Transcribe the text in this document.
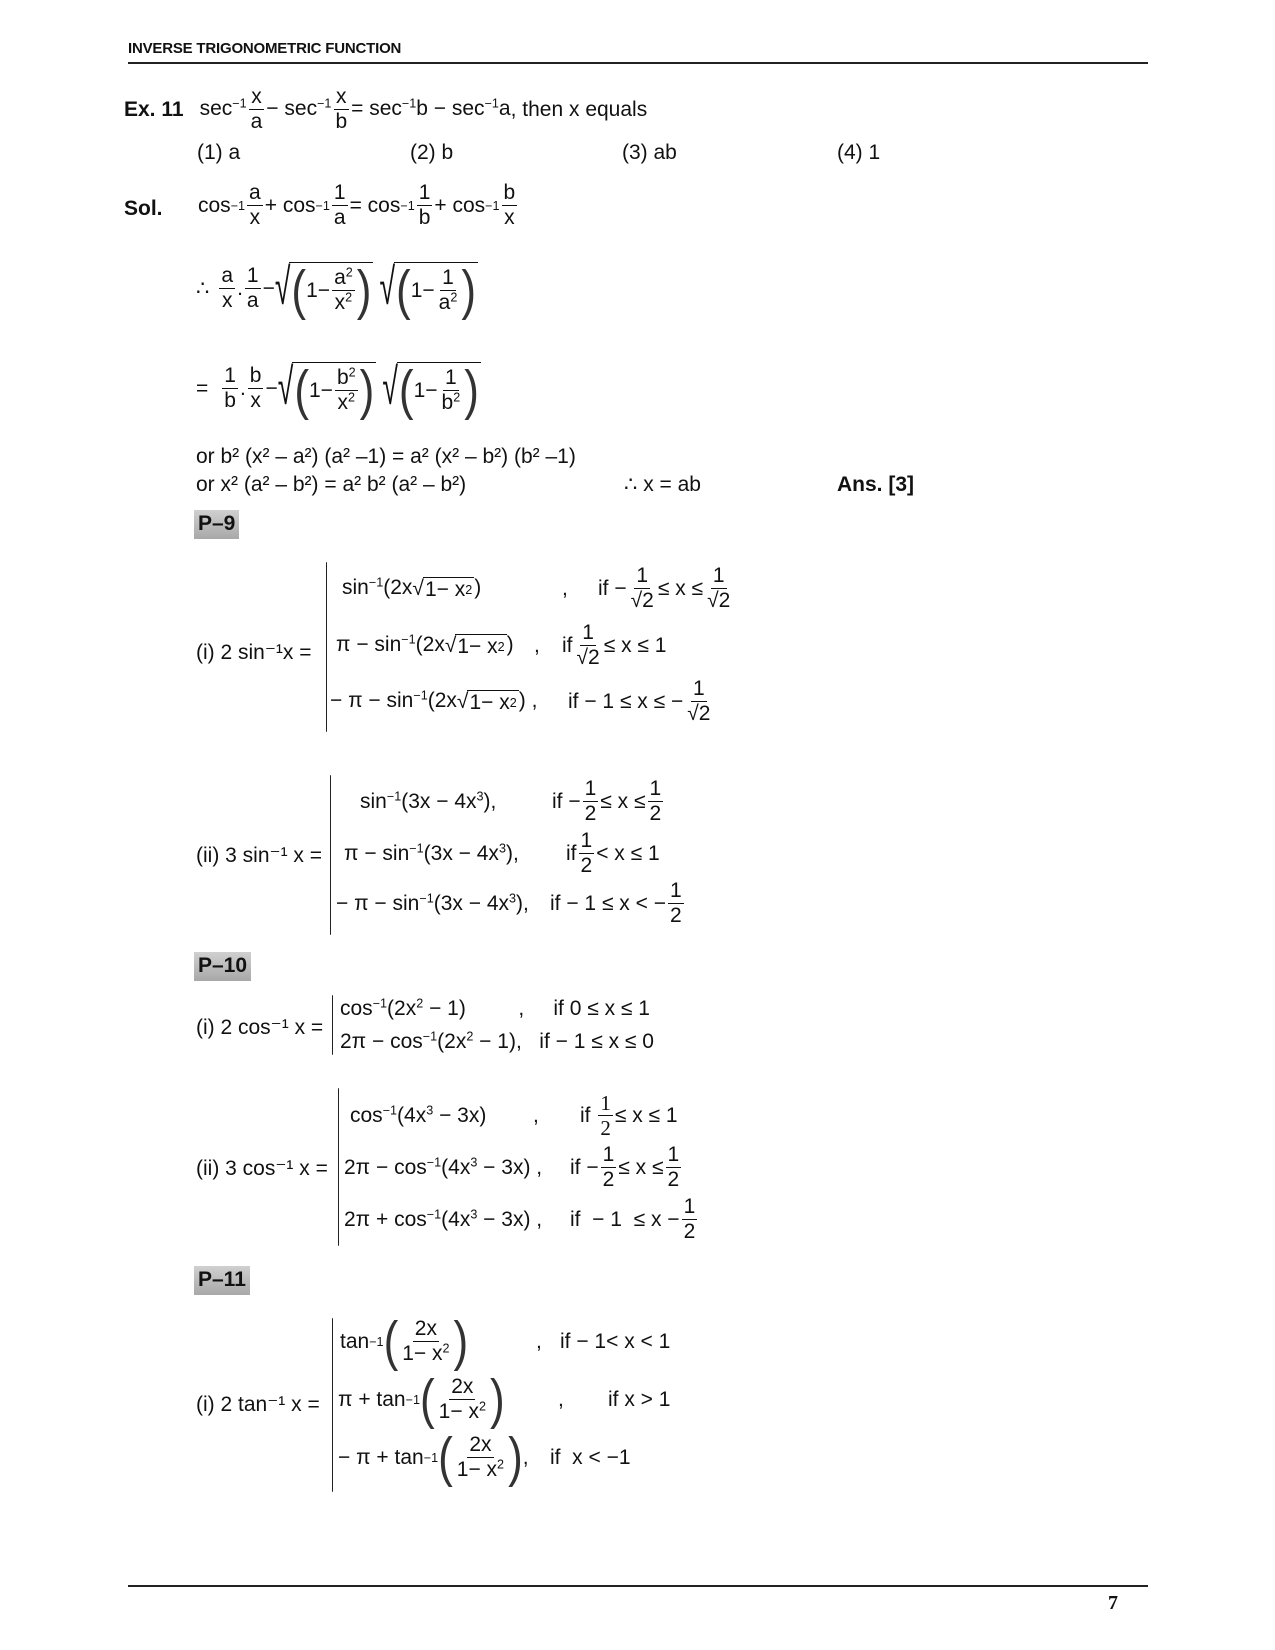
INVERSE TRIGONOMETRIC FUNCTION
Ex. 11 $\sec^{-1} \frac{x}{a} - \sec^{-1} \frac{x}{b} = \sec^{-1}b - \sec^{-1}a$ , then x equals
(1) a	(2) b	(3) ab	(4) 1
Sol. $\cos -1 \frac{a}{x} + \cos -1 \frac{1}{a} = \cos -1 \frac{1}{b} + \cos -1 \frac{b}{x}$
∴ $\frac{a}{x}$ . $\frac{1}{a}$ − √ ( $1- \frac{a^2}{x^2}$ ) √ ( $1- \frac{1}{a^2}$ )
= $\frac{1}{b}$ . $\frac{b}{x}$ − √ ( $1- \frac{b^2}{x^2}$ ) √ ( $1- \frac{1}{b^2}$ )
or b² (x² – a²) (a² –1) = a² (x² – b²) (b² –1)
or x² (a² – b²) = a² b² (a² – b²)	∴ x = ab	Ans. [3]
P–9
(i) 2 sin⁻¹x =
$\sin^{-1}(2x$ √ 1− x 2 )	,	if − $\frac{1}{√2} \le x \le \frac{1}{√2}$
$\pi - \sin^{-1}(2x$ √ 1− x 2 ) ,	if $\frac{1}{√2} \le x \le 1$
− $\pi - \sin^{-1}(2x$ √ 1− x 2 ) ,	if − 1 ≤ x ≤ − $\frac{1}{√2}$
(ii) 3 sin⁻¹ x =
$\sin^{-1}(3x - 4x^3)$,	if − $\frac{1}{2} \le x \le \frac{1}{2}$
$\pi - \sin^{-1}(3x - 4x^3)$,	if $\frac{1}{2} < x \le 1$
− $\pi - \sin^{-1}(3x - 4x^3)$,	if − 1 ≤ x < − $\frac{1}{2}$
P–10
(i) 2 cos⁻¹ x =
$\cos^{-1}(2x^2 - 1)$         ,     if 0 ≤ x ≤ 1
$2\pi - \cos^{-1}(2x^2 - 1)$,   if − 1 ≤ x ≤ 0
(ii) 3 cos⁻¹ x =
$\cos^{-1}(4x^3 - 3x)$        ,	if $\frac{1}{2} \le x \le 1$
$2\pi - \cos^{-1}(4x^3 - 3x)$ ,	if − $\frac{1}{2} \le x \le \frac{1}{2}$
$2\pi + \cos^{-1}(4x^3 - 3x)$ ,	if  − $1 \le x - \frac{1}{2}$
P–11
(i) 2 tan⁻¹ x =
tan −1 ( $\frac{2x}{1- x^2}$ )	, if − 1< x < 1
π + tan −1 ( $\frac{2x}{1- x^2}$ )	,	if x > 1
− π + tan −1 ( $\frac{2x}{1- x^2}$ ) ,	if  x < −1
7
